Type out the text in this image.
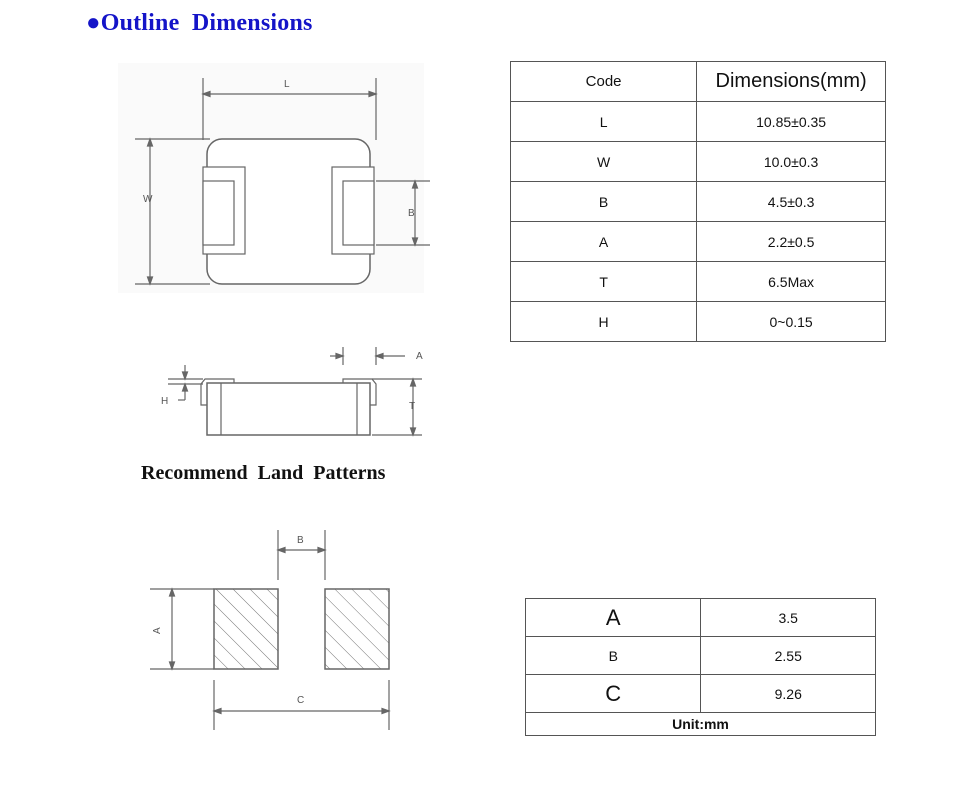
●Outline  Dimensions
Recommend  Land  Patterns
L
W
B
A
H	T
B
A
C
Code	Dimensions(mm)
L	10.85±0.35
W	10.0±0.3
B	4.5±0.3
A	2.2±0.5
T	6.5Max
H	0~0.15
A	3.5
B	2.55
C	9.26
Unit:mm	
